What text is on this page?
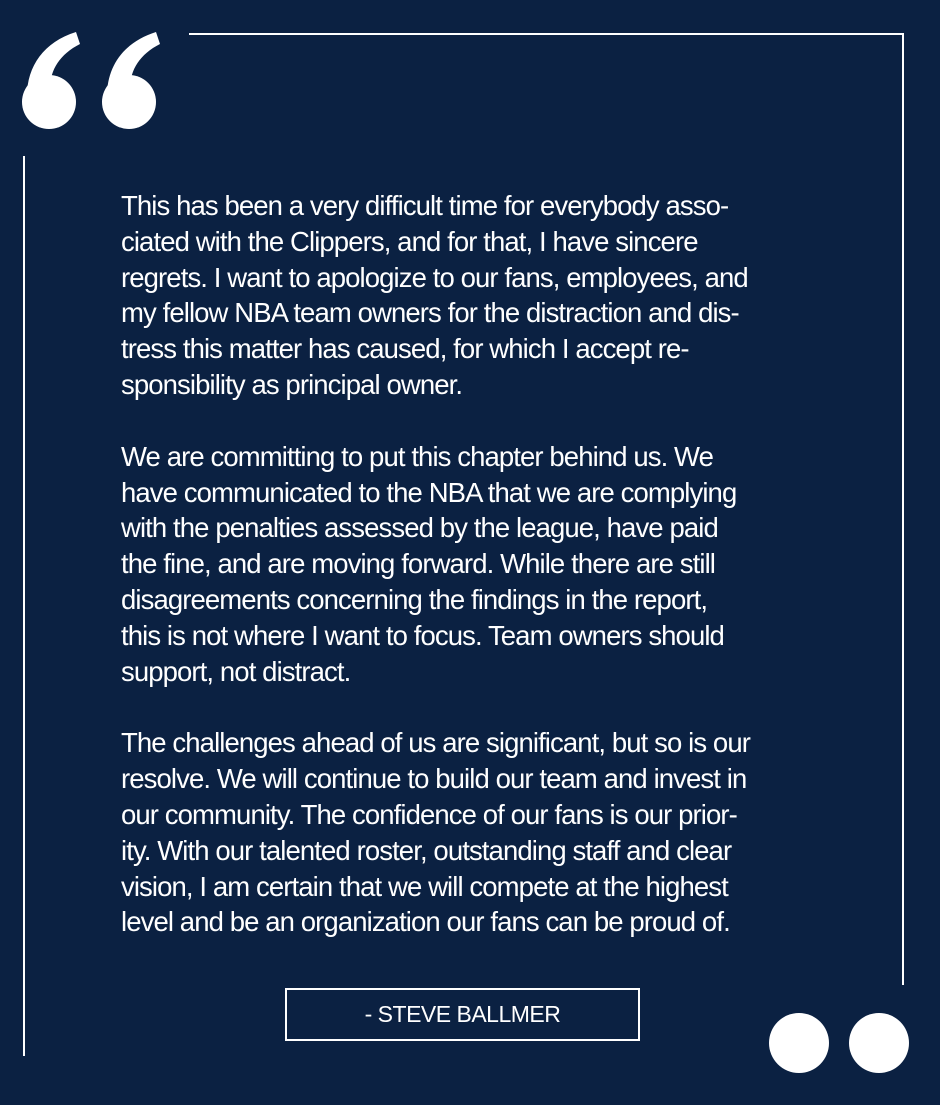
This has been a very difficult time for everybody asso-
ciated with the Clippers, and for that, I have sincere
regrets. I want to apologize to our fans, employees, and
my fellow NBA team owners for the distraction and dis-
tress this matter has caused, for which I accept re-
sponsibility as principal owner.

We are committing to put this chapter behind us. We
have communicated to the NBA that we are complying
with the penalties assessed by the league, have paid
the fine, and are moving forward. While there are still
disagreements concerning the findings in the report,
this is not where I want to focus. Team owners should
support, not distract.

The challenges ahead of us are significant, but so is our
resolve. We will continue to build our team and invest in
our community. The confidence of our fans is our prior-
ity. With our talented roster, outstanding staff and clear
vision, I am certain that we will compete at the highest
level and be an organization our fans can be proud of.

- STEVE BALLMER
